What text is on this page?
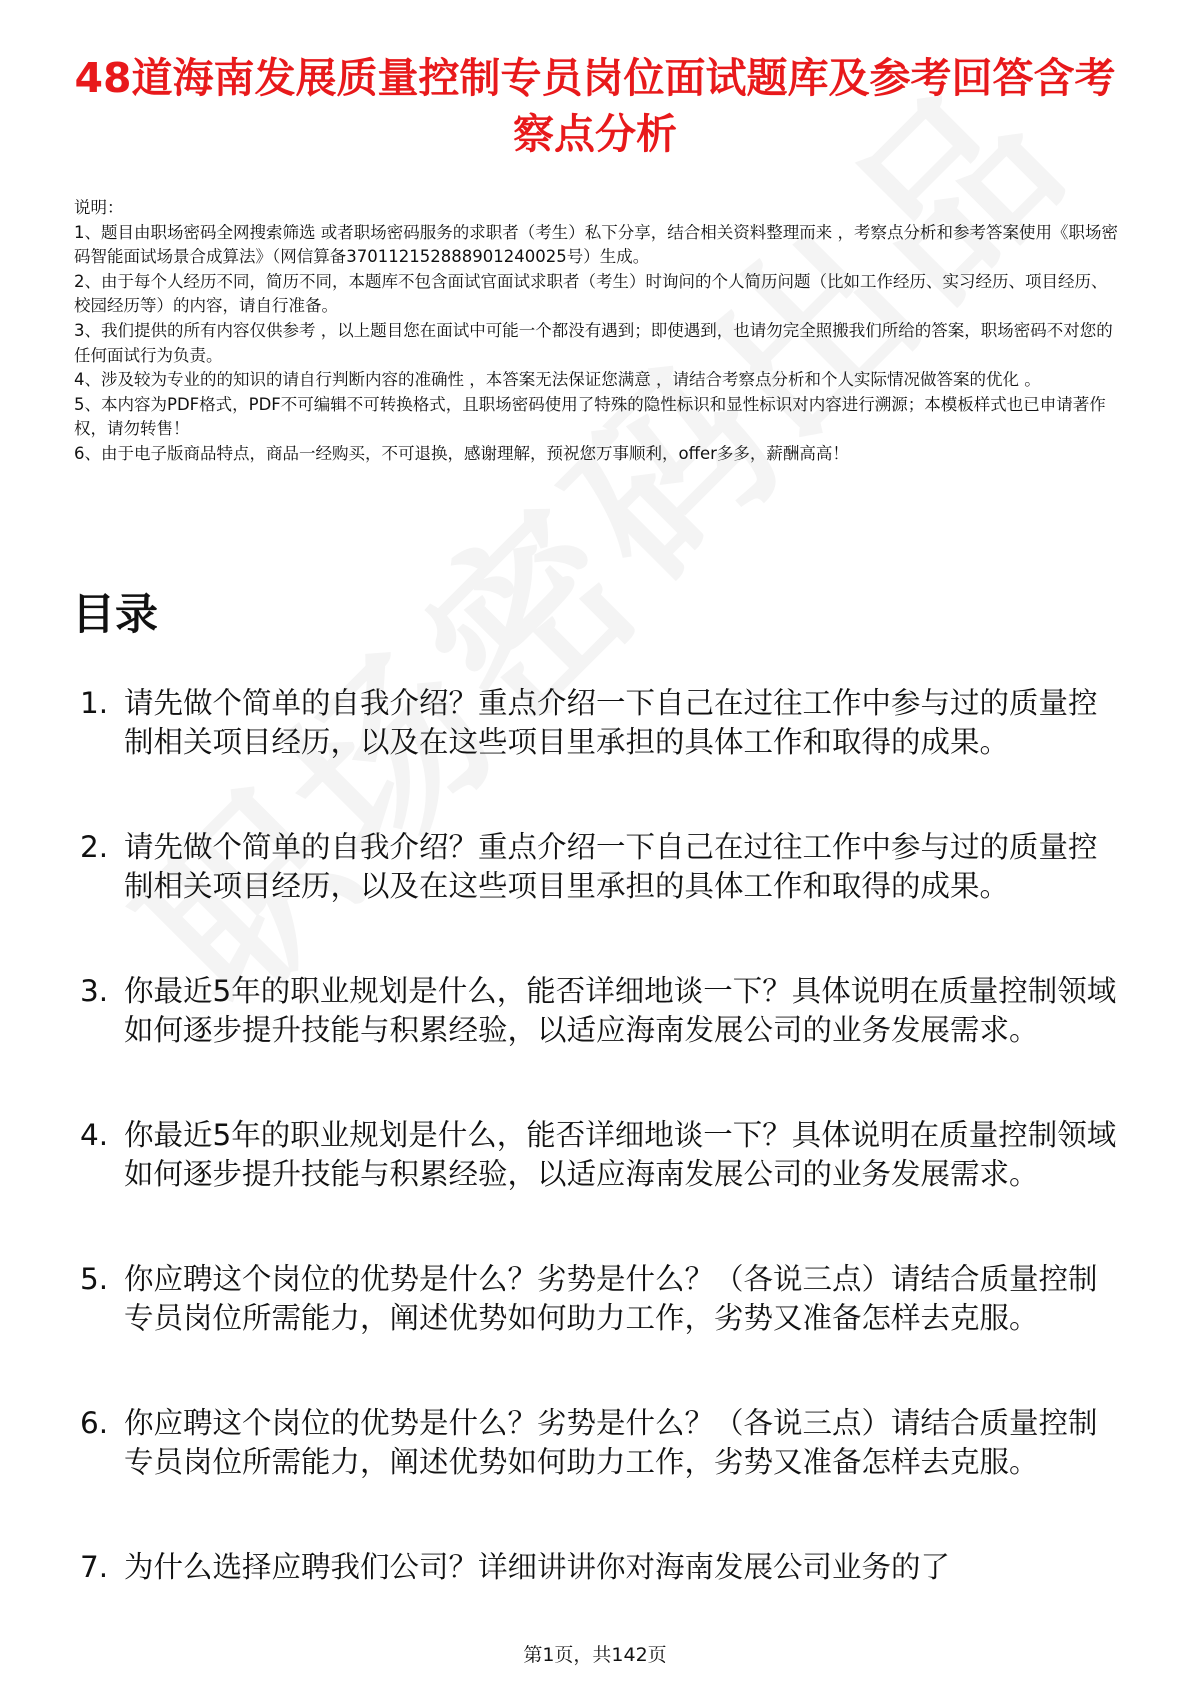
48道海南发展质量控制专员岗位面试题库及参考回答含考察点分析

说明：

1、题目由职场密码全网搜索筛选 或者职场密码服务的求职者（考生）私下分享，结合相关资料整理而来 ，考察点分析和参考答案使用《职场密码智能面试场景合成算法》（网信算备370112152888901240025号）生成。

2、由于每个人经历不同，简历不同，本题库不包含面试官面试求职者（考生）时询问的个人简历问题（比如工作经历、实习经历、项目经历、校园经历等）的内容，请自行准备。

3、我们提供的所有内容仅供参考 ，以上题目您在面试中可能一个都没有遇到；即使遇到，也请勿完全照搬我们所给的答案，职场密码不对您的任何面试行为负责。

4、涉及较为专业的的知识的请自行判断内容的准确性 ，本答案无法保证您满意 ，请结合考察点分析和个人实际情况做答案的优化 。

5、本内容为PDF格式，PDF不可编辑不可转换格式，且职场密码使用了特殊的隐性标识和显性标识对内容进行溯源；本模板样式也已申请著作权，请勿转售！

6、由于电子版商品特点，商品一经购买，不可退换，感谢理解，预祝您万事顺利，offer多多，薪酬高高！

目录
1. 请先做个简单的自我介绍？重点介绍一下自己在过往工作中参与过的质量控制相关项目经历，以及在这些项目里承担的具体工作和取得的成果。
2. 请先做个简单的自我介绍？重点介绍一下自己在过往工作中参与过的质量控制相关项目经历，以及在这些项目里承担的具体工作和取得的成果。
3. 你最近5年的职业规划是什么，能否详细地谈一下？具体说明在质量控制领域如何逐步提升技能与积累经验，以适应海南发展公司的业务发展需求。
4. 你最近5年的职业规划是什么，能否详细地谈一下？具体说明在质量控制领域如何逐步提升技能与积累经验，以适应海南发展公司的业务发展需求。
5. 你应聘这个岗位的优势是什么？劣势是什么？（各说三点）请结合质量控制专员岗位所需能力，阐述优势如何助力工作，劣势又准备怎样去克服。
6. 你应聘这个岗位的优势是什么？劣势是什么？（各说三点）请结合质量控制专员岗位所需能力，阐述优势如何助力工作，劣势又准备怎样去克服。
7. 为什么选择应聘我们公司？详细讲讲你对海南发展公司业务的了
第1页，共142页
